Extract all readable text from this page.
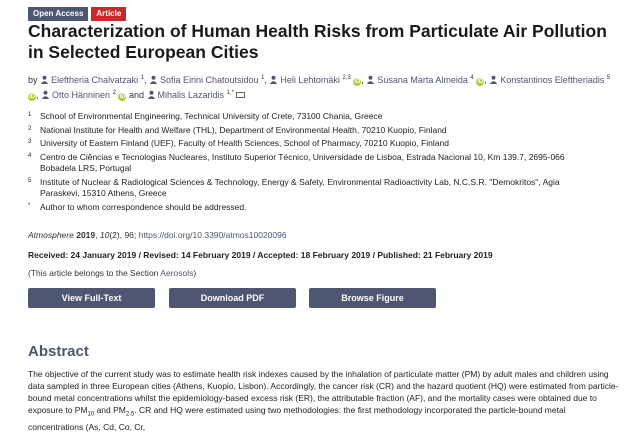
Open Access	Article
Characterization of Human Health Risks from Particulate Air Pollution in Selected European Cities
by Eleftheria Chalvatzaki $^1$, Sofia Eirini Chatoutsidou $^1$, Heli Lehtomäki $^{2,3}$ iD, Susana Marta Almeida $^4$ iD, Konstantinos Eleftheriadis $^5$ iD, Otto Hänninen $^2$ iD and Mihalis Lazaridis $^{1,*}$
1	School of Environmental Engineering, Technical University of Crete, 73100 Chania, Greece
2	National Institute for Health and Welfare (THL), Department of Environmental Health, 70210 Kuopio, Finland
3	University of Eastern Finland (UEF), Faculty of Health Sciences, School of Pharmacy, 70210 Kuopio, Finland
4	Centro de Ciências e Tecnologias Nucleares, Instituto Superior Técnico, Universidade de Lisboa, Estrada Nacional 10, Km 139.7, 2695-066 Bobadela LRS, Portugal
5	Institute of Nuclear & Radiological Sciences & Technology, Energy & Safety, Environmental Radioactivity Lab, N.C.S.R. "Demokritos", Agia Paraskevi, 15310 Athens, Greece
*	Author to whom correspondence should be addressed.
Atmosphere 2019, 10(2), 96; https://doi.org/10.3390/atmos10020096
Received: 24 January 2019 / Revised: 14 February 2019 / Accepted: 18 February 2019 / Published: 21 February 2019
(This article belongs to the Section Aerosols)
View Full-Text	Download PDF	Browse Figure
Abstract

The objective of the current study was to estimate health risk indexes caused by the inhalation of particulate matter (PM) by adult males and children using data sampled in three European cities (Athens, Kuopio, Lisbon). Accordingly, the cancer risk (CR) and the hazard quotient (HQ) were estimated from particle-bound metal concentrations whilst the epidemiology-based excess risk (ER), the attributable fraction (AF), and the mortality cases were obtained due to exposure to $PM_{10}$ and $PM_{2.5}$. CR and HQ were estimated using two methodologies: the first methodology incorporated the particle-bound metal concentrations (As, Cd, Co, Cr,
